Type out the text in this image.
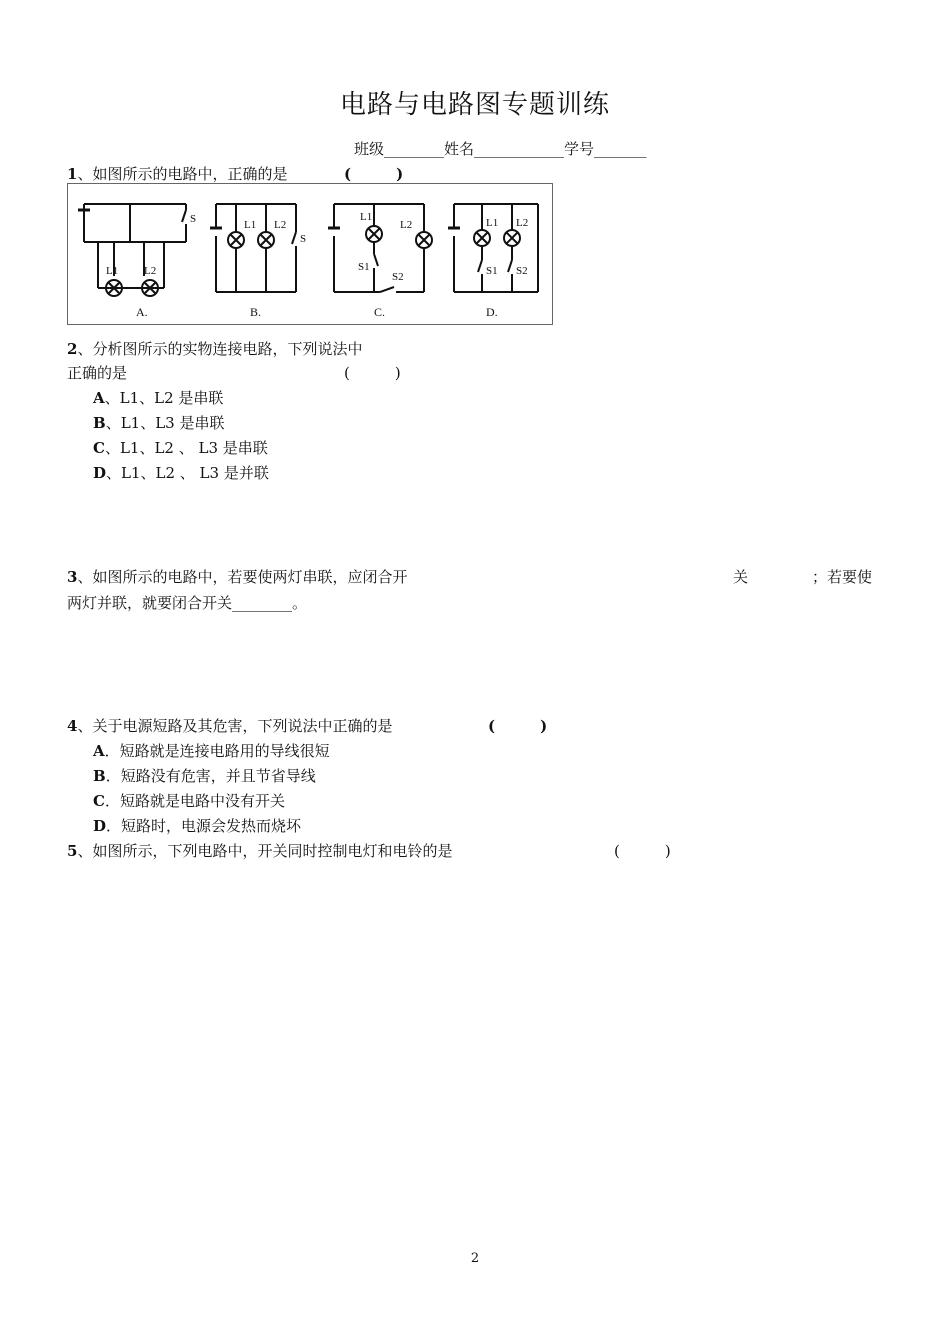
电路与电路图专题训练
班级________姓名____________学号_______
1、如图所示的电路中，正确的是	(　　　)
L1 L2
S	L1 L2
S
L1
L2
S1
S2
L1 L2
S1 S2
A.	B.	C.	D.
2、分析图所示的实物连接电路，下列说法中
正确的是	(　　　)
A、L1、L2 是串联
B、L1、L3 是串联
C、L1、L2 、 L3 是串联
D、L1、L2 、 L3 是并联
3、如图所示的电路中，若要使两灯串联，应闭合开	关	；若要使
两灯并联，就要闭合开关________。
4、关于电源短路及其危害，下列说法中正确的是	(　　　)
A．短路就是连接电路用的导线很短
B．短路没有危害，并且节省导线
C．短路就是电路中没有开关
D．短路时，电源会发热而烧坏
5、如图所示，下列电路中，开关同时控制电灯和电铃的是	(　　　)
2
